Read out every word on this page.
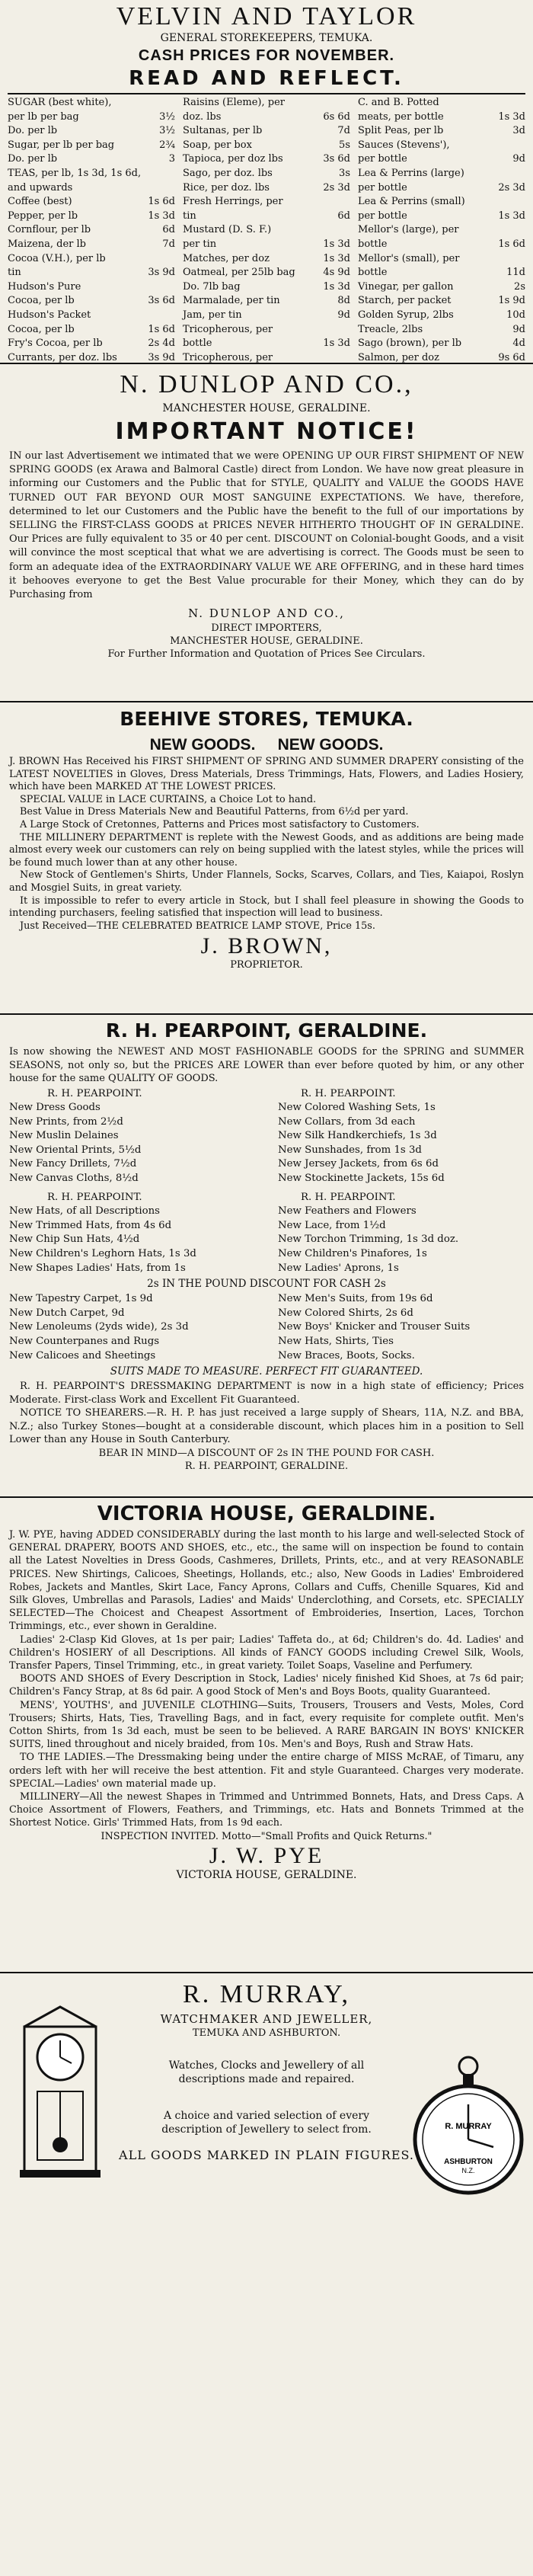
VELVIN AND TAYLOR
GENERAL STOREKEEPERS, TEMUKA.
CASH PRICES FOR NOVEMBER.
READ AND REFLECT.
SUGAR (best white),
per lb per bag	3½
Do. per lb	3½
Sugar, per lb per bag	2¾
Do. per lb	3
TEAS, per lb, 1s 3d, 1s 6d,
and upwards
Coffee (best)	1s 6d
Pepper, per lb	1s 3d
Cornflour, per lb	6d
Maizena, der lb	7d
Cocoa (V.H.), per lb
tin	3s 9d
Hudson's Pure
Cocoa, per lb	3s 6d
Hudson's Packet
Cocoa, per lb	1s 6d
Fry's Cocoa, per lb	2s 4d
Currants, per doz. lbs	3s 9d
Raisins (Eleme), per
doz. lbs	6s 6d
Sultanas, per lb	7d
Soap, per box	5s
Tapioca, per doz lbs	3s 6d
Sago, per doz. lbs	3s
Rice, per doz. lbs	2s 3d
Fresh Herrings, per
tin	6d
Mustard (D. S. F.)
per tin	1s 3d
Matches, per doz	1s 3d
Oatmeal, per 25lb bag	4s 9d
Do. 7lb bag	1s 3d
Marmalade, per tin	8d
Jam, per tin	9d
Tricopherous, per
bottle	1s 3d
Tricopherous, per
C. and B. Potted
meats, per bottle	1s 3d
Split Peas, per lb	3d
Sauces (Stevens'),
per bottle	9d
Lea & Perrins (large)
per bottle	2s 3d
Lea & Perrins (small)
per bottle	1s 3d
Mellor's (large), per
bottle	1s 6d
Mellor's (small), per
bottle	11d
Vinegar, per gallon	2s
Starch, per packet	1s 9d
Golden Syrup, 2lbs	10d
Treacle, 2lbs	9d
Sago (brown), per lb	4d
Salmon, per doz	9s 6d
N. DUNLOP AND CO.,
MANCHESTER HOUSE, GERALDINE.
IMPORTANT NOTICE!
IN our last Advertisement we intimated that we were OPENING UP OUR FIRST SHIPMENT OF NEW SPRING GOODS (ex Arawa and Balmoral Castle) direct from London. We have now great pleasure in informing our Customers and the Public that for STYLE, QUALITY and VALUE the GOODS HAVE TURNED OUT FAR BEYOND OUR MOST SANGUINE EXPECTATIONS. We have, therefore, determined to let our Customers and the Public have the benefit to the full of our importations by SELLING the FIRST-CLASS GOODS at PRICES NEVER HITHERTO THOUGHT OF IN GERALDINE. Our Prices are fully equivalent to 35 or 40 per cent. DISCOUNT on Colonial-bought Goods, and a visit will convince the most sceptical that what we are advertising is correct. The Goods must be seen to form an adequate idea of the EXTRAORDINARY VALUE WE ARE OFFERING, and in these hard times it behooves everyone to get the Best Value procurable for their Money, which they can do by Purchasing from
N. DUNLOP AND CO.,
DIRECT IMPORTERS,
MANCHESTER HOUSE, GERALDINE.
For Further Information and Quotation of Prices See Circulars.
BEEHIVE STORES, TEMUKA.
NEW GOODS.     NEW GOODS.
J. BROWN Has Received his FIRST SHIPMENT OF SPRING AND SUMMER DRAPERY consisting of the LATEST NOVELTIES in Gloves, Dress Materials, Dress Trimmings, Hats, Flowers, and Ladies Hosiery, which have been MARKED AT THE LOWEST PRICES.
SPECIAL VALUE in LACE CURTAINS, a Choice Lot to hand.
Best Value in Dress Materials New and Beautiful Patterns, from 6½d per yard.
A Large Stock of Cretonnes, Patterns and Prices most satisfactory to Customers.
THE MILLINERY DEPARTMENT is replete with the Newest Goods, and as additions are being made almost every week our customers can rely on being supplied with the latest styles, while the prices will be found much lower than at any other house.
New Stock of Gentlemen's Shirts, Under Flannels, Socks, Scarves, Collars, and Ties, Kaiapoi, Roslyn and Mosgiel Suits, in great variety.
It is impossible to refer to every article in Stock, but I shall feel pleasure in showing the Goods to intending purchasers, feeling satisfied that inspection will lead to business.
Just Received—THE CELEBRATED BEATRICE LAMP STOVE, Price 15s.
J. BROWN,
PROPRIETOR.
R. H. PEARPOINT, GERALDINE.
Is now showing the NEWEST AND MOST FASHIONABLE GOODS for the SPRING and SUMMER SEASONS, not only so, but the PRICES ARE LOWER than ever before quoted by him, or any other house for the same QUALITY OF GOODS.
R. H. PEARPOINT.
New Dress Goods
New Prints, from 2½d
New Muslin Delaines
New Oriental Prints, 5½d
New Fancy Drillets, 7½d
New Canvas Cloths, 8½d
R. H. PEARPOINT.
New Colored Washing Sets, 1s
New Collars, from 3d each
New Silk Handkerchiefs, 1s 3d
New Sunshades, from 1s 3d
New Jersey Jackets, from 6s 6d
New Stockinette Jackets, 15s 6d
R. H. PEARPOINT.
New Hats, of all Descriptions
New Trimmed Hats, from 4s 6d
New Chip Sun Hats, 4½d
New Children's Leghorn Hats, 1s 3d
New Shapes Ladies' Hats, from 1s
R. H. PEARPOINT.
New Feathers and Flowers
New Lace, from 1½d
New Torchon Trimming, 1s 3d doz.
New Children's Pinafores, 1s
New Ladies' Aprons, 1s
2s IN THE POUND DISCOUNT FOR CASH 2s
New Tapestry Carpet, 1s 9d
New Dutch Carpet, 9d
New Lenoleums (2yds wide), 2s 3d
New Counterpanes and Rugs
New Calicoes and Sheetings
New Men's Suits, from 19s 6d
New Colored Shirts, 2s 6d
New Boys' Knicker and Trouser Suits
New Hats, Shirts, Ties
New Braces, Boots, Socks.
SUITS MADE TO MEASURE. PERFECT FIT GUARANTEED.
R. H. PEARPOINT'S DRESSMAKING DEPARTMENT is now in a high state of efficiency; Prices Moderate. First-class Work and Excellent Fit Guaranteed.
NOTICE TO SHEARERS.—R. H. P. has just received a large supply of Shears, 11A, N.Z. and BBA, N.Z.; also Turkey Stones—bought at a considerable discount, which places him in a position to Sell Lower than any House in South Canterbury.
BEAR IN MIND—A DISCOUNT OF 2s IN THE POUND FOR CASH.
R. H. PEARPOINT, GERALDINE.
VICTORIA HOUSE, GERALDINE.
J. W. PYE, having ADDED CONSIDERABLY during the last month to his large and well-selected Stock of GENERAL DRAPERY, BOOTS AND SHOES, etc., etc., the same will on inspection be found to contain all the Latest Novelties in Dress Goods, Cashmeres, Drillets, Prints, etc., and at very REASONABLE PRICES. New Shirtings, Calicoes, Sheetings, Hollands, etc.; also, New Goods in Ladies' Embroidered Robes, Jackets and Mantles, Skirt Lace, Fancy Aprons, Collars and Cuffs, Chenille Squares, Kid and Silk Gloves, Umbrellas and Parasols, Ladies' and Maids' Underclothing, and Corsets, etc. SPECIALLY SELECTED—The Choicest and Cheapest Assortment of Embroideries, Insertion, Laces, Torchon Trimmings, etc., ever shown in Geraldine.
Ladies' 2-Clasp Kid Gloves, at 1s per pair; Ladies' Taffeta do., at 6d; Children's do. 4d. Ladies' and Children's HOSIERY of all Descriptions. All kinds of FANCY GOODS including Crewel Silk, Wools, Transfer Papers, Tinsel Trimming, etc., in great variety. Toilet Soaps, Vaseline and Perfumery.
BOOTS AND SHOES of Every Description in Stock, Ladies' nicely finished Kid Shoes, at 7s 6d pair; Children's Fancy Strap, at 8s 6d pair. A good Stock of Men's and Boys Boots, quality Guaranteed.
MENS', YOUTHS', and JUVENILE CLOTHING—Suits, Trousers, Trousers and Vests, Moles, Cord Trousers; Shirts, Hats, Ties, Travelling Bags, and in fact, every requisite for complete outfit. Men's Cotton Shirts, from 1s 3d each, must be seen to be believed. A RARE BARGAIN IN BOYS' KNICKER SUITS, lined throughout and nicely braided, from 10s. Men's and Boys, Rush and Straw Hats.
TO THE LADIES.—The Dressmaking being under the entire charge of MISS McRAE, of Timaru, any orders left with her will receive the best attention. Fit and style Guaranteed. Charges very moderate. SPECIAL—Ladies' own material made up.
MILLINERY—All the newest Shapes in Trimmed and Untrimmed Bonnets, Hats, and Dress Caps. A Choice Assortment of Flowers, Feathers, and Trimmings, etc. Hats and Bonnets Trimmed at the Shortest Notice. Girls' Trimmed Hats, from 1s 9d each.
INSPECTION INVITED. Motto—"Small Profits and Quick Returns."
J. W. PYE
VICTORIA HOUSE, GERALDINE.
R. MURRAY
ASHBURTON
N.Z.
R. MURRAY,
WATCHMAKER AND JEWELLER,
TEMUKA AND ASHBURTON.
Watches, Clocks and Jewellery of all descriptions made and repaired.
A choice and varied selection of every description of Jewellery to select from.
ALL GOODS MARKED IN PLAIN FIGURES.
